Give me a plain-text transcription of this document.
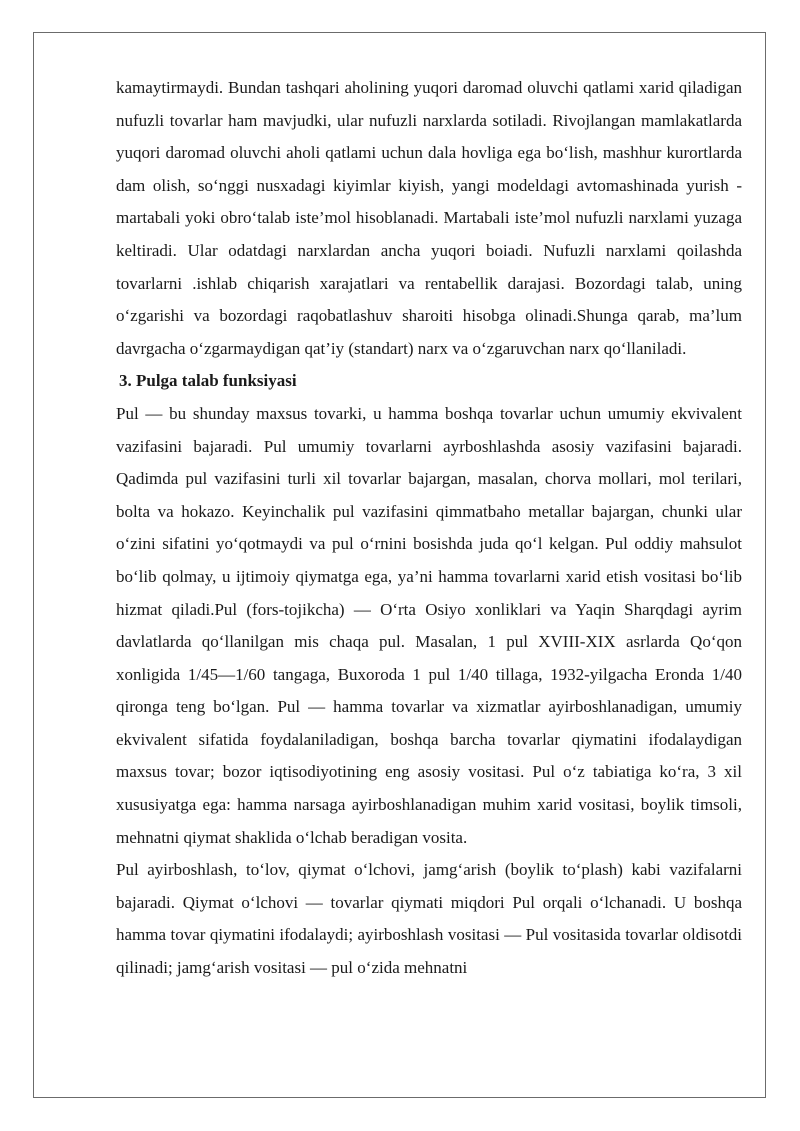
kamaytirmaydi. Bundan tashqari aholining yuqori daromad oluvchi qatlami xarid qiladigan nufuzli tovarlar ham mavjudki, ular nufuzli narxlarda sotiladi. Rivojlangan mamlakatlarda yuqori daromad oluvchi aholi qatlami uchun dala hovliga ega bo‘lish, mashhur kurortlarda dam olish, so‘nggi nusxadagi kiyimlar kiyish, yangi modeldagi avtomashinada yurish - martabali yoki obro‘talab iste’mol hisoblanadi. Martabali iste’mol nufuzli narxlami yuzaga keltiradi. Ular odatdagi narxlardan ancha yuqori boiadi. Nufuzli narxlami qoilashda tovarlarni .ishlab chiqarish xarajatlari va rentabellik darajasi. Bozordagi talab, uning o‘zgarishi va bozordagi raqobatlashuv sharoiti hisobga olinadi.Shunga qarab, ma’lum davrgacha o‘zgarmaydigan qat’iy (standart) narx va o‘zgaruvchan narx qo‘llaniladi.

3. Pulga talab funksiyasi

Pul — bu shunday maxsus tovarki, u hamma boshqa tovarlar uchun umumiy ekvivalent vazifasini bajaradi. Pul umumiy tovarlarni ayrboshlashda asosiy vazifasini bajaradi. Qadimda pul vazifasini turli xil tovarlar bajargan, masalan, chorva mollari, mol terilari, bolta va hokazo. Keyinchalik pul vazifasini qimmatbaho metallar bajargan, chunki ular o‘zini sifatini yo‘qotmaydi va pul o‘rnini bosishda juda qo‘l kelgan. Pul oddiy mahsulot bo‘lib qolmay, u ijtimoiy qiymatga ega, ya’ni hamma tovarlarni xarid etish vositasi bo‘lib hizmat qiladi.Pul (fors-tojikcha) — O‘rta Osiyo xonliklari va Yaqin Sharqdagi ayrim davlatlarda qo‘llanilgan mis chaqa pul. Masalan, 1 pul XVIII-XIX asrlarda Qo‘qon xonligida 1/45—1/60 tangaga, Buxoroda 1 pul 1/40 tillaga, 1932-yilgacha Eronda 1/40 qironga teng bo‘lgan. Pul — hamma tovarlar va xizmatlar ayirboshlanadigan, umumiy ekvivalent sifatida foydalaniladigan, boshqa barcha tovarlar qiymatini ifodalaydigan maxsus tovar; bozor iqtisodiyotining eng asosiy vositasi. Pul o‘z tabiatiga ko‘ra, 3 xil xususiyatga ega: hamma narsaga ayirboshlanadigan muhim xarid vositasi, boylik timsoli, mehnatni qiymat shaklida o‘lchab beradigan vosita.

Pul ayirboshlash, to‘lov, qiymat o‘lchovi, jamg‘arish (boylik to‘plash) kabi vazifalarni bajaradi. Qiymat o‘lchovi — tovarlar qiymati miqdori Pul orqali o‘lchanadi. U boshqa hamma tovar qiymatini ifodalaydi; ayirboshlash vositasi — Pul vositasida tovarlar oldisotdi qilinadi; jamg‘arish vositasi — pul o‘zida mehnatni
